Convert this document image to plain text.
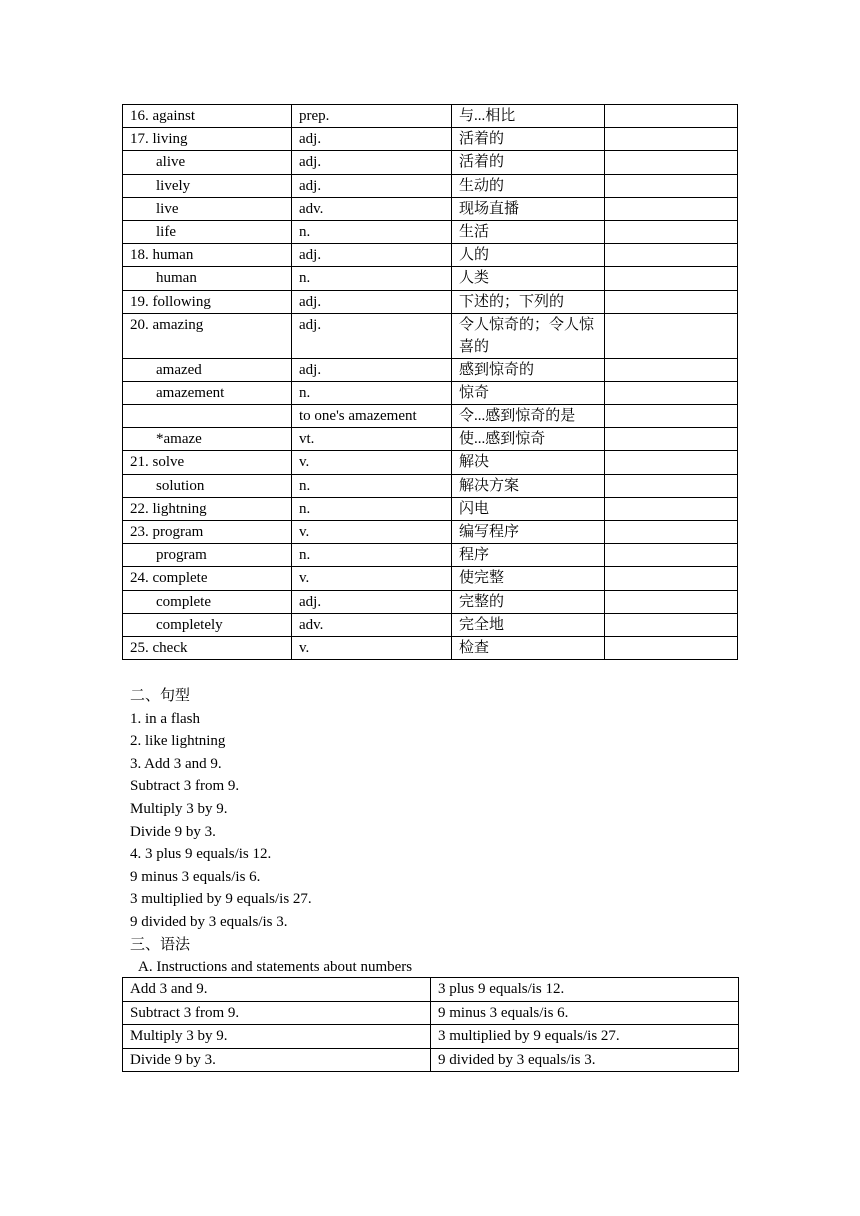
16. against	prep.	与...相比	
17. living	adj.	活着的	
alive	adj.	活着的	
lively	adj.	生动的	
live	adv.	现场直播	
life	n.	生活	
18. human	adj.	人的	
human	n.	人类	
19. following	adj.	下述的；下列的	
20. amazing	adj.	令人惊奇的；令人惊喜的	
amazed	adj.	感到惊奇的	
amazement	n.	惊奇	
	to one's amazement	令...感到惊奇的是	
*amaze	vt.	使...感到惊奇	
21. solve	v.	解决	
solution	n.	解决方案	
22. lightning	n.	闪电	
23. program	v.	编写程序	
program	n.	程序	
24. complete	v.	使完整	
complete	adj.	完整的	
completely	adv.	完全地	
25. check	v.	检查	
二、句型
1. in a flash
2. like lightning
3. Add 3 and 9.
Subtract 3 from 9.
Multiply 3 by 9.
Divide 9 by 3.
4. 3 plus 9 equals/is 12.
9 minus 3 equals/is 6.
3 multiplied by 9 equals/is 27.
9 divided by 3 equals/is 3.
三、语法
A. Instructions and statements about numbers
Add 3 and 9.	3 plus 9 equals/is 12.
Subtract 3 from 9.	9 minus 3 equals/is 6.
Multiply 3 by 9.	3 multiplied by 9 equals/is 27.
Divide 9 by 3.	9 divided by 3 equals/is 3.
